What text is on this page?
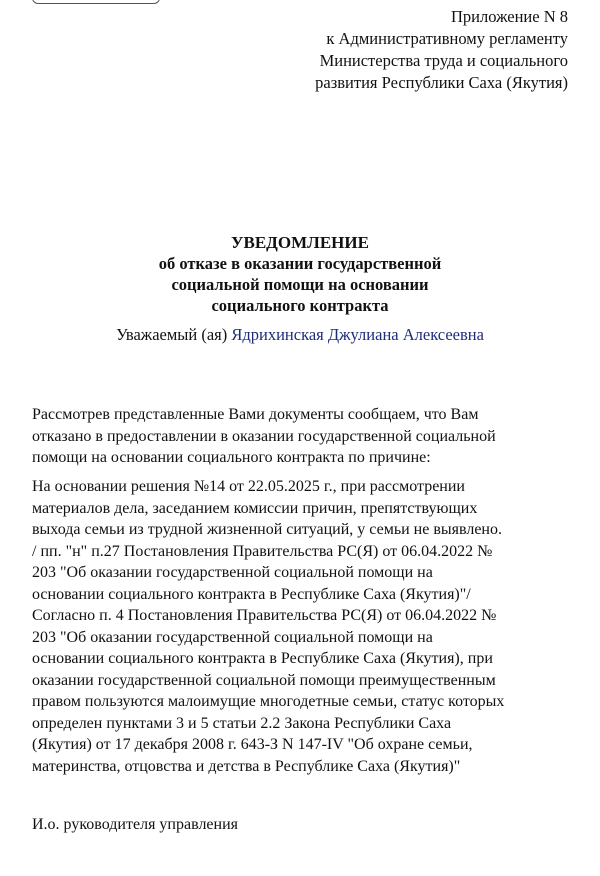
Приложение N 8
к Административному регламенту
Министерства труда и социального
развития Республики Саха (Якутия)
УВЕДОМЛЕНИЕ
об отказе в оказании государственной
социальной помощи на основании
социального контракта
Уважаемый (ая) Ядрихинская Джулиана Алексеевна
Рассмотрев представленные Вами документы сообщаем, что Вам
отказано в предоставлении в оказании государственной социальной
помощи на основании социального контракта по причине:
На основании решения №14 от 22.05.2025 г., при рассмотрении
материалов дела, заседанием комиссии причин, препятствующих
выхода семьи из трудной жизненной ситуаций, у семьи не выявлено.
/ пп. "н" п.27 Постановления Правительства РС(Я) от 06.04.2022 №
203 "Об оказании государственной социальной помощи на
основании социального контракта в Республике Саха (Якутия)"/
Согласно п. 4 Постановления Правительства РС(Я) от 06.04.2022 №
203 "Об оказании государственной социальной помощи на
основании социального контракта в Республике Саха (Якутия), при
оказании государственной социальной помощи преимущественным
правом пользуются малоимущие многодетные семьи, статус которых
определен пунктами 3 и 5 статьи 2.2 Закона Республики Саха
(Якутия) от 17 декабря 2008 г. 643-З N 147-IV "Об охране семьи,
материнства, отцовства и детства в Республике Саха (Якутия)"
И.о. руководителя управления
